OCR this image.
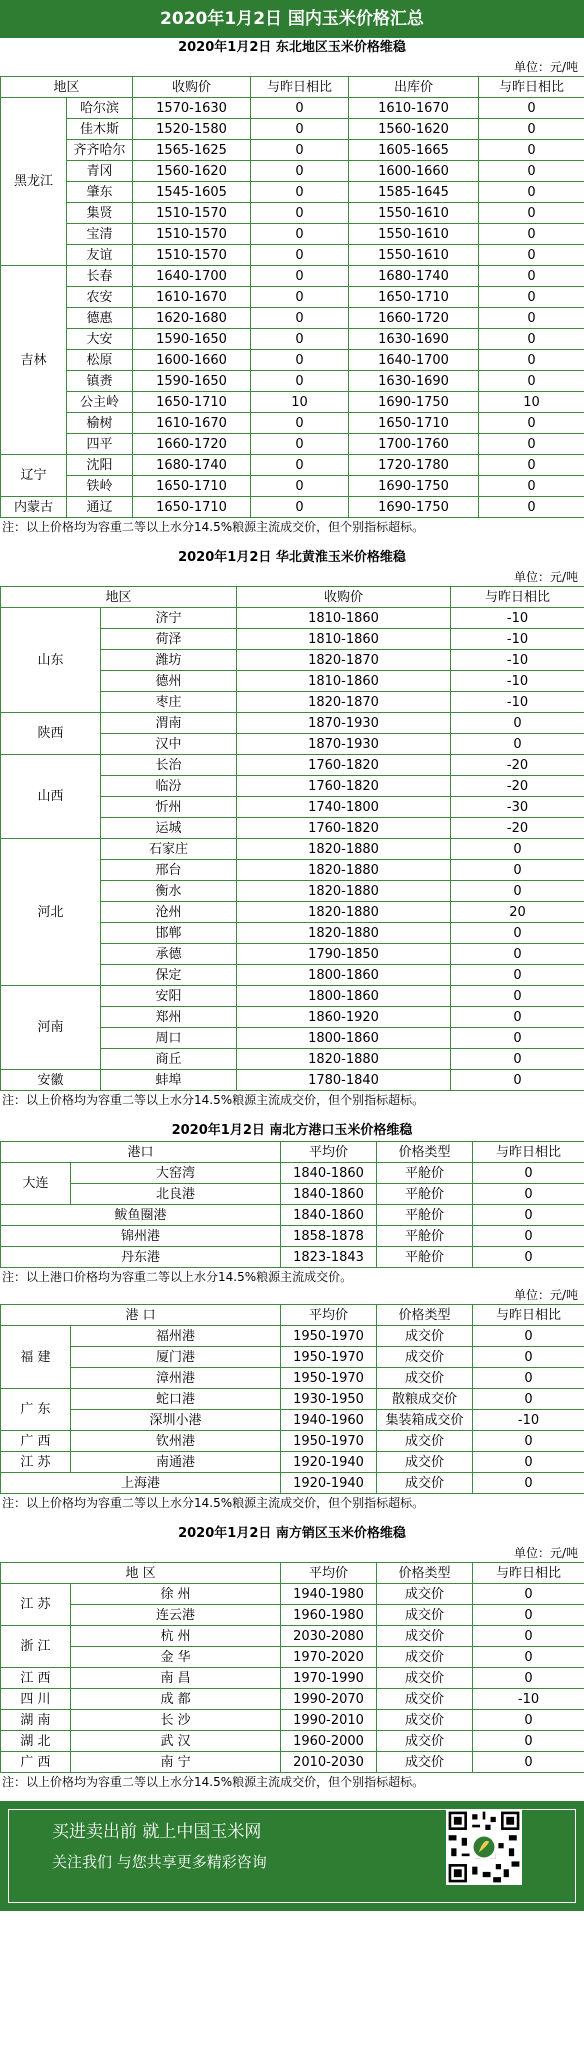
2020年1月2日 国内玉米价格汇总
2020年1月2日 东北地区玉米价格维稳
单位：元/吨
地区		收购价	与昨日相比	出库价	与昨日相比
黑龙江	哈尔滨	1570-1630	0	1610-1670	0
	佳木斯	1520-1580	0	1560-1620	0
	齐齐哈尔	1565-1625	0	1605-1665	0
	青冈	1560-1620	0	1600-1660	0
	肇东	1545-1605	0	1585-1645	0
	集贤	1510-1570	0	1550-1610	0
	宝清	1510-1570	0	1550-1610	0
	友谊	1510-1570	0	1550-1610	0
吉林	长春	1640-1700	0	1680-1740	0
	农安	1610-1670	0	1650-1710	0
	德惠	1620-1680	0	1660-1720	0
	大安	1590-1650	0	1630-1690	0
	松原	1600-1660	0	1640-1700	0
	镇赉	1590-1650	0	1630-1690	0
	公主岭	1650-1710	10	1690-1750	10
	榆树	1610-1670	0	1650-1710	0
	四平	1660-1720	0	1700-1760	0
辽宁	沈阳	1680-1740	0	1720-1780	0
	铁岭	1650-1710	0	1690-1750	0
内蒙古	通辽	1650-1710	0	1690-1750	0
注：以上价格均为容重二等以上水分14.5%粮源主流成交价，但个别指标超标。
2020年1月2日 华北黄淮玉米价格维稳
单位：元/吨
地区		收购价	与昨日相比
山东	济宁	1810-1860	-10
	荷泽	1810-1860	-10
	潍坊	1820-1870	-10
	德州	1810-1860	-10
	枣庄	1820-1870	-10
陕西	渭南	1870-1930	0
	汉中	1870-1930	0
山西	长治	1760-1820	-20
	临汾	1760-1820	-20
	忻州	1740-1800	-30
	运城	1760-1820	-20
河北	石家庄	1820-1880	0
	邢台	1820-1880	0
	衡水	1820-1880	0
	沧州	1820-1880	20
	邯郸	1820-1880	0
	承德	1790-1850	0
	保定	1800-1860	0
河南	安阳	1800-1860	0
	郑州	1860-1920	0
	周口	1800-1860	0
	商丘	1820-1880	0
安徽	蚌埠	1780-1840	0
注：以上价格均为容重二等以上水分14.5%粮源主流成交价，但个别指标超标。
2020年1月2日 南北方港口玉米价格维稳
港口		平均价	价格类型	与昨日相比
大连	大窑湾	1840-1860	平舱价	0
	北良港	1840-1860	平舱价	0
鲅鱼圈港		1840-1860	平舱价	0
锦州港		1858-1878	平舱价	0
丹东港		1823-1843	平舱价	0
注：以上港口价格均为容重二等以上水分14.5%粮源主流成交价。
单位：元/吨
港 口		平均价	价格类型	与昨日相比
福 建	福州港	1950-1970	成交价	0
	厦门港	1950-1970	成交价	0
	漳州港	1950-1970	成交价	0
广 东	蛇口港	1930-1950	散粮成交价	0
	深圳小港	1940-1960	集装箱成交价	-10
广 西	钦州港	1950-1970	成交价	0
江 苏	南通港	1920-1940	成交价	0
上海港		1920-1940	成交价	0
注：以上价格均为容重二等以上水分14.5%粮源主流成交价，但个别指标超标。
2020年1月2日 南方销区玉米价格维稳
单位：元/吨
地 区		平均价	价格类型	与昨日相比
江 苏	徐 州	1940-1980	成交价	0
	连云港	1960-1980	成交价	0
浙 江	杭 州	2030-2080	成交价	0
	金 华	1970-2020	成交价	0
江 西	南 昌	1970-1990	成交价	0
四 川	成 都	1990-2070	成交价	-10
湖 南	长 沙	1990-2010	成交价	0
湖 北	武 汉	1960-2000	成交价	0
广 西	南 宁	2010-2030	成交价	0
注：以上价格均为容重二等以上水分14.5%粮源主流成交价，但个别指标超标。
买进卖出前 就上中国玉米网
关注我们 与您共享更多精彩咨询
